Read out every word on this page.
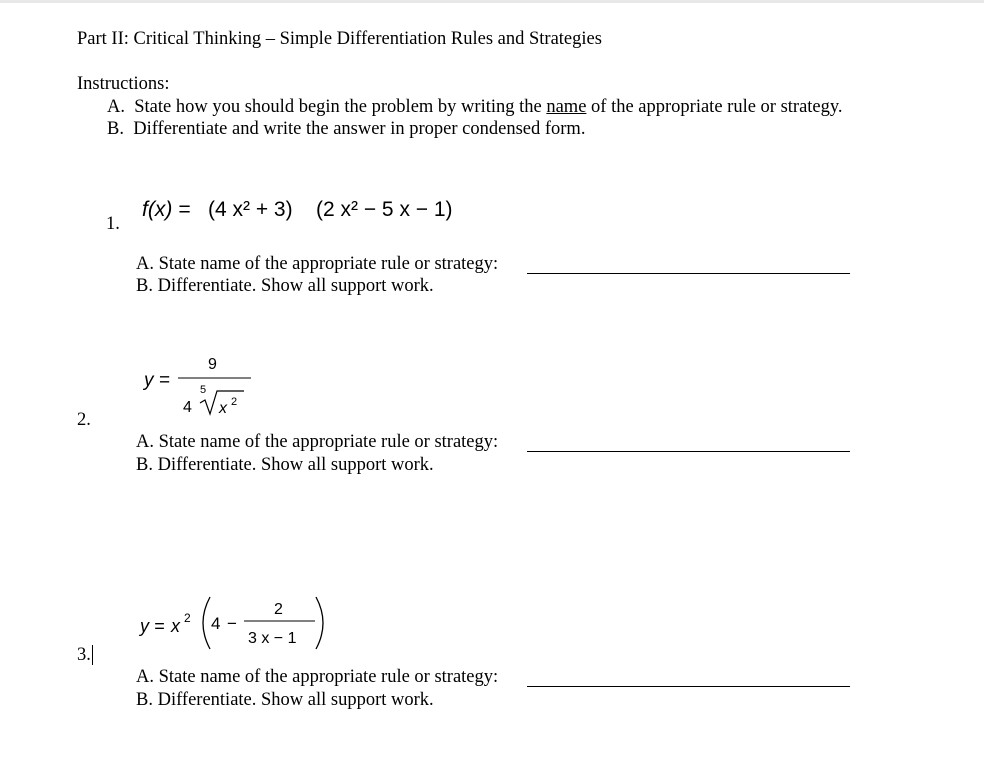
Part II: Critical Thinking – Simple Differentiation Rules and Strategies
Instructions:
A. State how you should begin the problem by writing the name of the appropriate rule or strategy.
B. Differentiate and write the answer in proper condensed form.
1.
f(x) = (4 x² + 3) (2 x² − 5 x − 1)
A. State name of the appropriate rule or strategy:
B. Differentiate. Show all support work.
y =
9
4
5
x 2
2.
A. State name of the appropriate rule or strategy:
B. Differentiate. Show all support work.
y = x 2 4 −
2
3 x − 1
3.
A. State name of the appropriate rule or strategy:
B. Differentiate. Show all support work.
